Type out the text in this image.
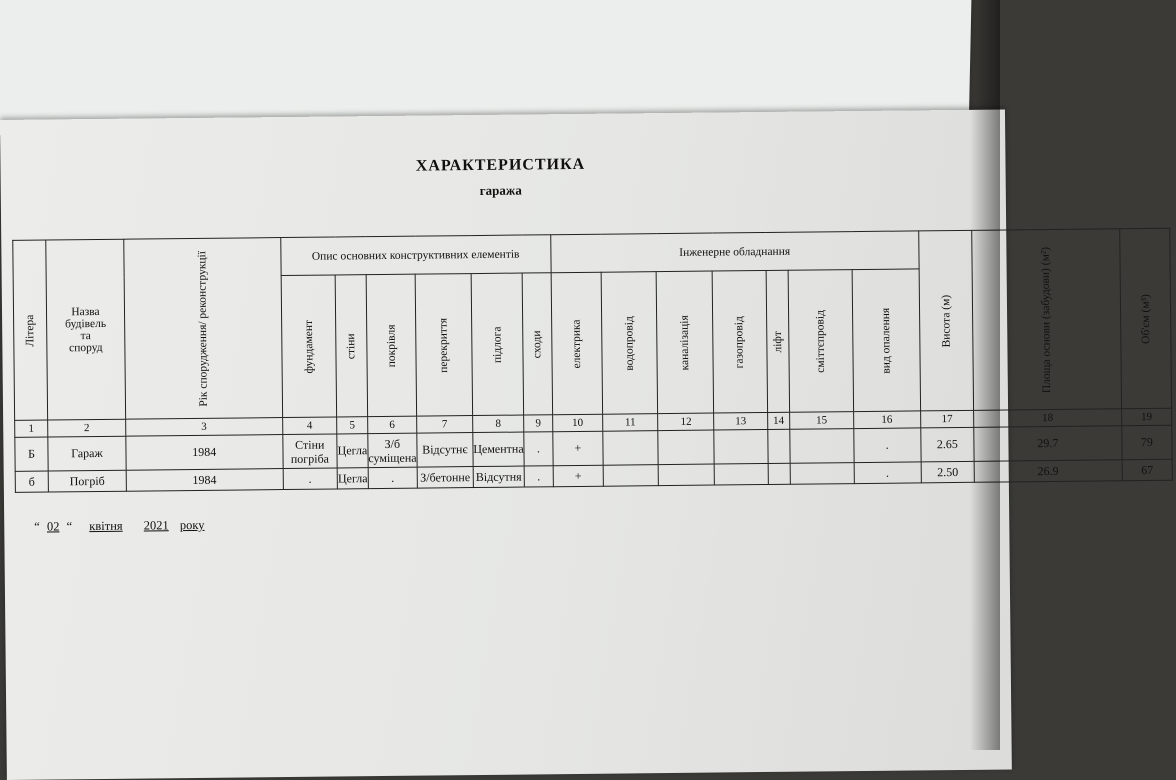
ХАРАКТЕРИСТИКА
гаража
Літера	Назва будівель та споруд	Рік спорудження/ реконструкції	Опис основних конструктивних елементів						Інженерне обладнання							Висота (м)	Площа основи (забудови) (м²)	Об'єм (м³)

			фундамент	стіни	покрівля	перекриття	підлога	сходи	електрика	водопровід	каналізація	газопровід	ліфт	сміттєпровід	вид опалення			

1	2	3	4	5	6	7	8	9	10	11	12	13	14	15	16	17	18	19
Б	Гараж	1984	Стіни погріба	Цегла	З/б суміщена	Відсутнє	Цементна	.	+						.	2.65	29.7	79
б	Погріб	1984	.	Цегла	.	З/бетонне	Відсутня	.	+						.	2.50	26.9	67
“ 02 “ квітня 2021 року
